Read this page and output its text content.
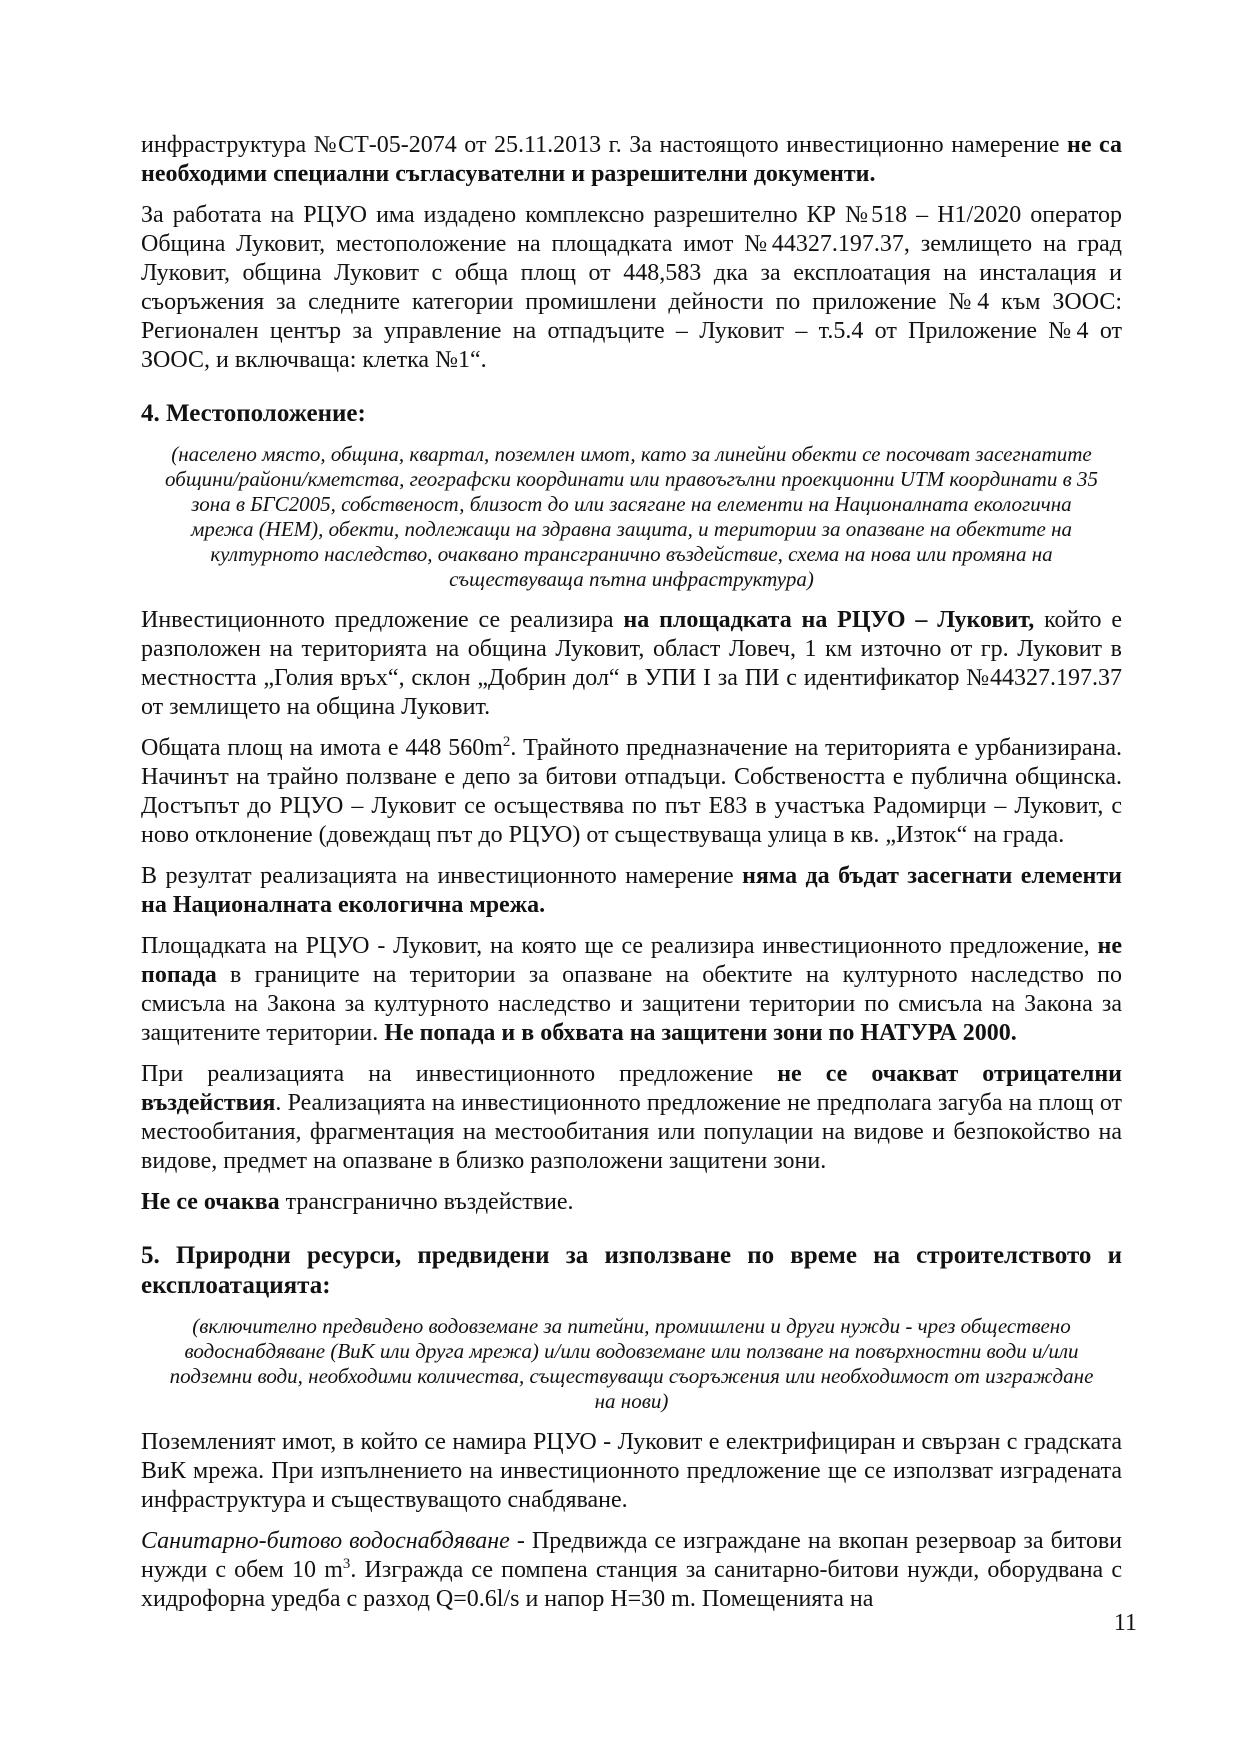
инфраструктура №СТ-05-2074 от 25.11.2013 г. За настоящото инвестиционно намерение не са необходими специални съгласувателни и разрешителни документи.

За работата на РЦУО има издадено комплексно разрешително КР №518 – Н1/2020 оператор Община Луковит, местоположение на площадката имот №44327.197.37, землището на град Луковит, община Луковит с обща площ от 448,583 дка за експлоатация на инсталация и съоръжения за следните категории промишлени дейности по приложение №4 към ЗООС: Регионален център за управление на отпадъците – Луковит – т.5.4 от Приложение №4 от ЗООС, и включваща: клетка №1“.

4. Местоположение:
(населено място, община, квартал, поземлен имот, като за линейни обекти се посочват засегнатите общини/райони/кметства, географски координати или правоъгълни проекционни UTM координати в 35 зона в БГС2005, собственост, близост до или засягане на елементи на Националната екологична мрежа (НЕМ), обекти, подлежащи на здравна защита, и територии за опазване на обектите на културното наследство, очаквано трансгранично въздействие, схема на нова или промяна на съществуваща пътна инфраструктура)

Инвестиционното предложение се реализира на площадката на РЦУО – Луковит, който е разположен на територията на община Луковит, област Ловеч, 1 км източно от гр. Луковит в местността „Голия връх“, склон „Добрин дол“ в УПИ I за ПИ с идентификатор №44327.197.37 от землището на община Луковит.

Общата площ на имота е 448 $560m^2$. Трайното предназначение на територията е урбанизирана. Начинът на трайно ползване е депо за битови отпадъци. Собствеността е публична общинска. Достъпът до РЦУО – Луковит се осъществява по път Е83 в участъка Радомирци – Луковит, с ново отклонение (довеждащ път до РЦУО) от съществуваща улица в кв. „Изток“ на града.

В резултат реализацията на инвестиционното намерение няма да бъдат засегнати елементи на Националната екологична мрежа.

Площадката на РЦУО - Луковит, на която ще се реализира инвестиционното предложение, не попада в границите на територии за опазване на обектите на културното наследство по смисъла на Закона за културното наследство и защитени територии по смисъла на Закона за защитените територии. Не попада и в обхвата на защитени зони по НАТУРА 2000.

При реализацията на инвестиционното предложение не се очакват отрицателни въздействия. Реализацията на инвестиционното предложение не предполага загуба на площ от местообитания, фрагментация на местообитания или популации на видове и безпокойство на видове, предмет на опазване в близко разположени защитени зони.

Не се очаква трансгранично въздействие.

5. Природни ресурси, предвидени за използване по време на строителството и експлоатацията:
(включително предвидено водовземане за питейни, промишлени и други нужди - чрез обществено водоснабдяване (ВиК или друга мрежа) и/или водовземане или ползване на повърхностни води и/или подземни води, необходими количества, съществуващи съоръжения или необходимост от изграждане на нови)

Поземленият имот, в който се намира РЦУО - Луковит е електрифициран и свързан с градската ВиК мрежа. При изпълнението на инвестиционното предложение ще се използват изградената инфраструктура и съществуващото снабдяване.

Санитарно-битово водоснабдяване - Предвижда се изграждане на вкопан резервоар за битови нужди с обем 10 $m^3$. Изгражда се помпена станция за санитарно-битови нужди, оборудвана с хидрофорна уредба с разход Q=0.6l/s и напор H=30 m. Помещенията на

11
